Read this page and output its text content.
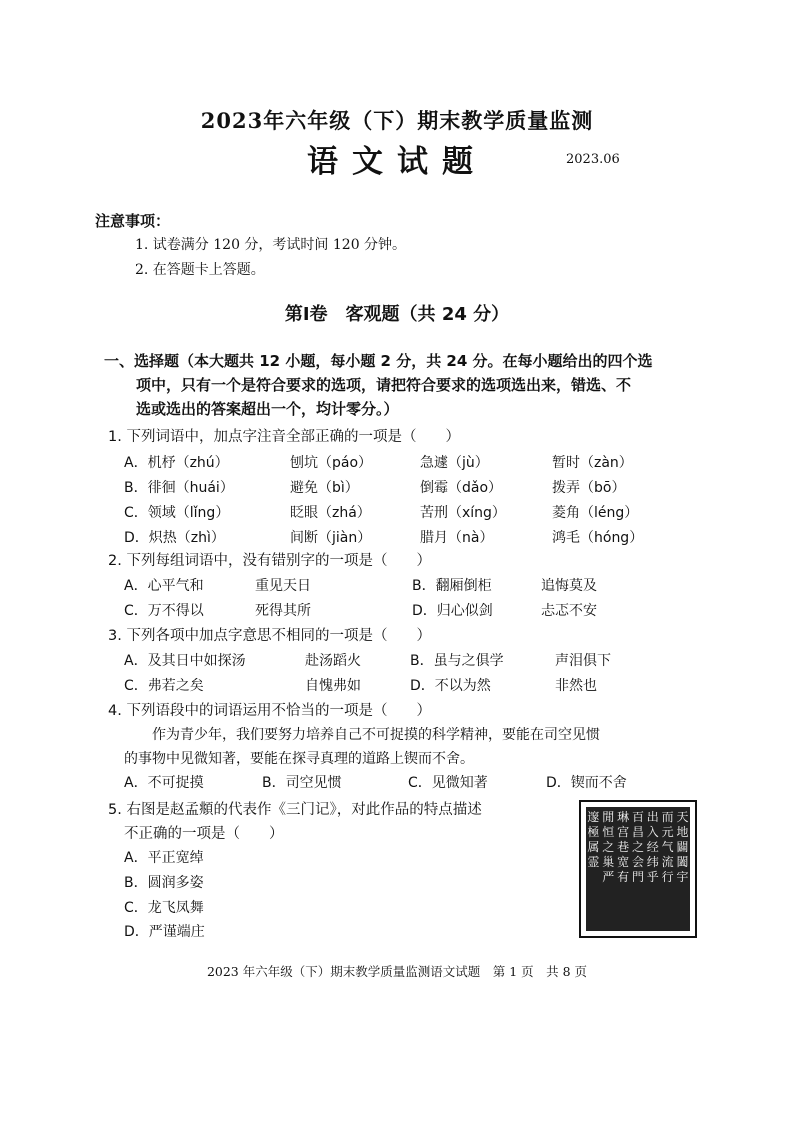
2023年六年级（下）期末教学质量监测
语文试题	2023.06
注意事项：
1. 试卷满分 120 分，考试时间 120 分钟。
2. 在答题卡上答题。
第Ⅰ卷　客观题（共 24 分）
一、选择题（本大题共 12 小题，每小题 2 分，共 24 分。在每小题给出的四个选
项中，只有一个是符合要求的选项，请把符合要求的选项选出来，错选、不
选或选出的答案超出一个，均计零分。）
1. 下列词语中，加点字注音全部正确的一项是（　　）
A．机杼（zhú）	刨坑（páo）	急遽（jù）	暂时（zàn）
B．徘徊（huái）	避免（bì）	倒霉（dǎo）	拨弄（bō）
C．领域（lǐng）	眨眼（zhá）	苦刑（xíng）	菱角（léng）
D．炽热（zhì）	间断（jiàn）	腊月（nà）	鸿毛（hóng）
2. 下列每组词语中，没有错别字的一项是（　　）
A．心平气和	重见天日	B．翻厢倒柜	追悔莫及
C．万不得以	死得其所	D．归心似剑	忐忑不安
3. 下列各项中加点字意思不相同的一项是（　　）
A．及其日中如探汤	赴汤蹈火	B．虽与之俱学	声泪俱下
C．弗若之矣	自愧弗如	D．不以为然	非然也
4. 下列语段中的词语运用不恰当的一项是（　　）
作为青少年，我们要努力培养自己不可捉摸的科学精神，要能在司空见惯
的事物中见微知著，要能在探寻真理的道路上锲而不舍。
A．不可捉摸	B．司空见惯	C．见微知著	D．锲而不舍
5. 右图是赵孟頫的代表作《三门记》，对此作品的特点描述
不正确的一项是（　　）
A．平正宽绰
B．圆润多姿
C．龙飞凤舞
D．严谨端庄
天地闢闔宇
而元气流行
出入经纬乎
百昌之会門
琳宫巷宽有
閒恒之巢严
邃極属霊
2023 年六年级（下）期末教学质量监测语文试题　第 1 页　共 8 页
